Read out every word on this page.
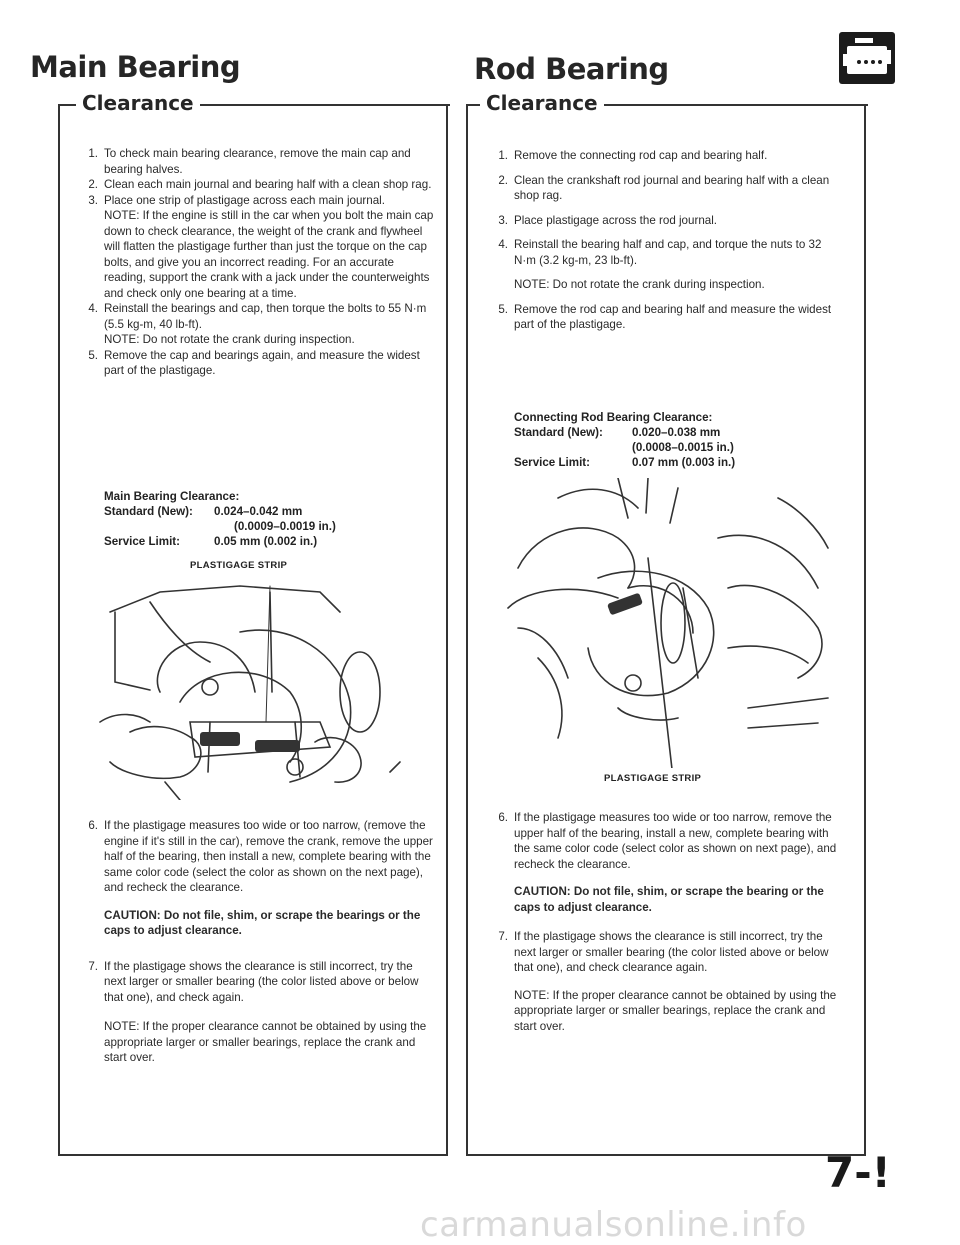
Main Bearing
Clearance
1. To check main bearing clearance, remove the main cap and bearing halves.

2. Clean each main journal and bearing half with a clean shop rag.

3. Place one strip of plastigage across each main journal.

NOTE: If the engine is still in the car when you bolt the main cap down to check clearance, the weight of the crank and flywheel will flatten the plastigage further than just the torque on the cap bolts, and give you an incorrect reading. For an accurate reading, support the crank with a jack under the counterweights and check only one bearing at a time.

4. Reinstall the bearings and cap, then torque the bolts to 55 N·m (5.5 kg-m, 40 lb-ft).

NOTE: Do not rotate the crank during inspection.

5. Remove the cap and bearings again, and measure the widest part of the plastigage.

Main Bearing Clearance:
Standard (New): 0.024–0.042 mm
(0.0009–0.0019 in.)
Service Limit:	0.05 mm (0.002 in.)
PLASTIGAGE STRIP
6. If the plastigage measures too wide or too narrow, (remove the engine if it's still in the car), remove the crank, remove the upper half of the bearing, then install a new, complete bearing with the same color code (select the color as shown on the next page), and recheck the clearance.

CAUTION: Do not file, shim, or scrape the bearings or the caps to adjust clearance.

7. If the plastigage shows the clearance is still incorrect, try the next larger or smaller bearing (the color listed above or below that one), and check again.

NOTE: If the proper clearance cannot be obtained by using the appropriate larger or smaller bearings, replace the crank and start over.

Rod Bearing
Clearance
1. Remove the connecting rod cap and bearing half.

2. Clean the crankshaft rod journal and bearing half with a clean shop rag.

3. Place plastigage across the rod journal.

4. Reinstall the bearing half and cap, and torque the nuts to 32 N·m (3.2 kg-m, 23 lb-ft).

NOTE: Do not rotate the crank during inspection.

5. Remove the rod cap and bearing half and measure the widest part of the plastigage.

Connecting Rod Bearing Clearance:
Standard (New):	0.020–0.038 mm
(0.0008–0.0015 in.)
Service Limit:	0.07 mm (0.003 in.)
PLASTIGAGE STRIP
6. If the plastigage measures too wide or too narrow, remove the upper half of the bearing, install a new, complete bearing with the same color code (select color as shown on next page), and recheck the clearance.

CAUTION: Do not file, shim, or scrape the bearing or the caps to adjust clearance.

7. If the plastigage shows the clearance is still incorrect, try the next larger or smaller bearing (the color listed above or below that one), and check clearance again.

NOTE: If the proper clearance cannot be obtained by using the appropriate larger or smaller bearings, replace the crank and start over.

7-!
carmanualsonline.info
